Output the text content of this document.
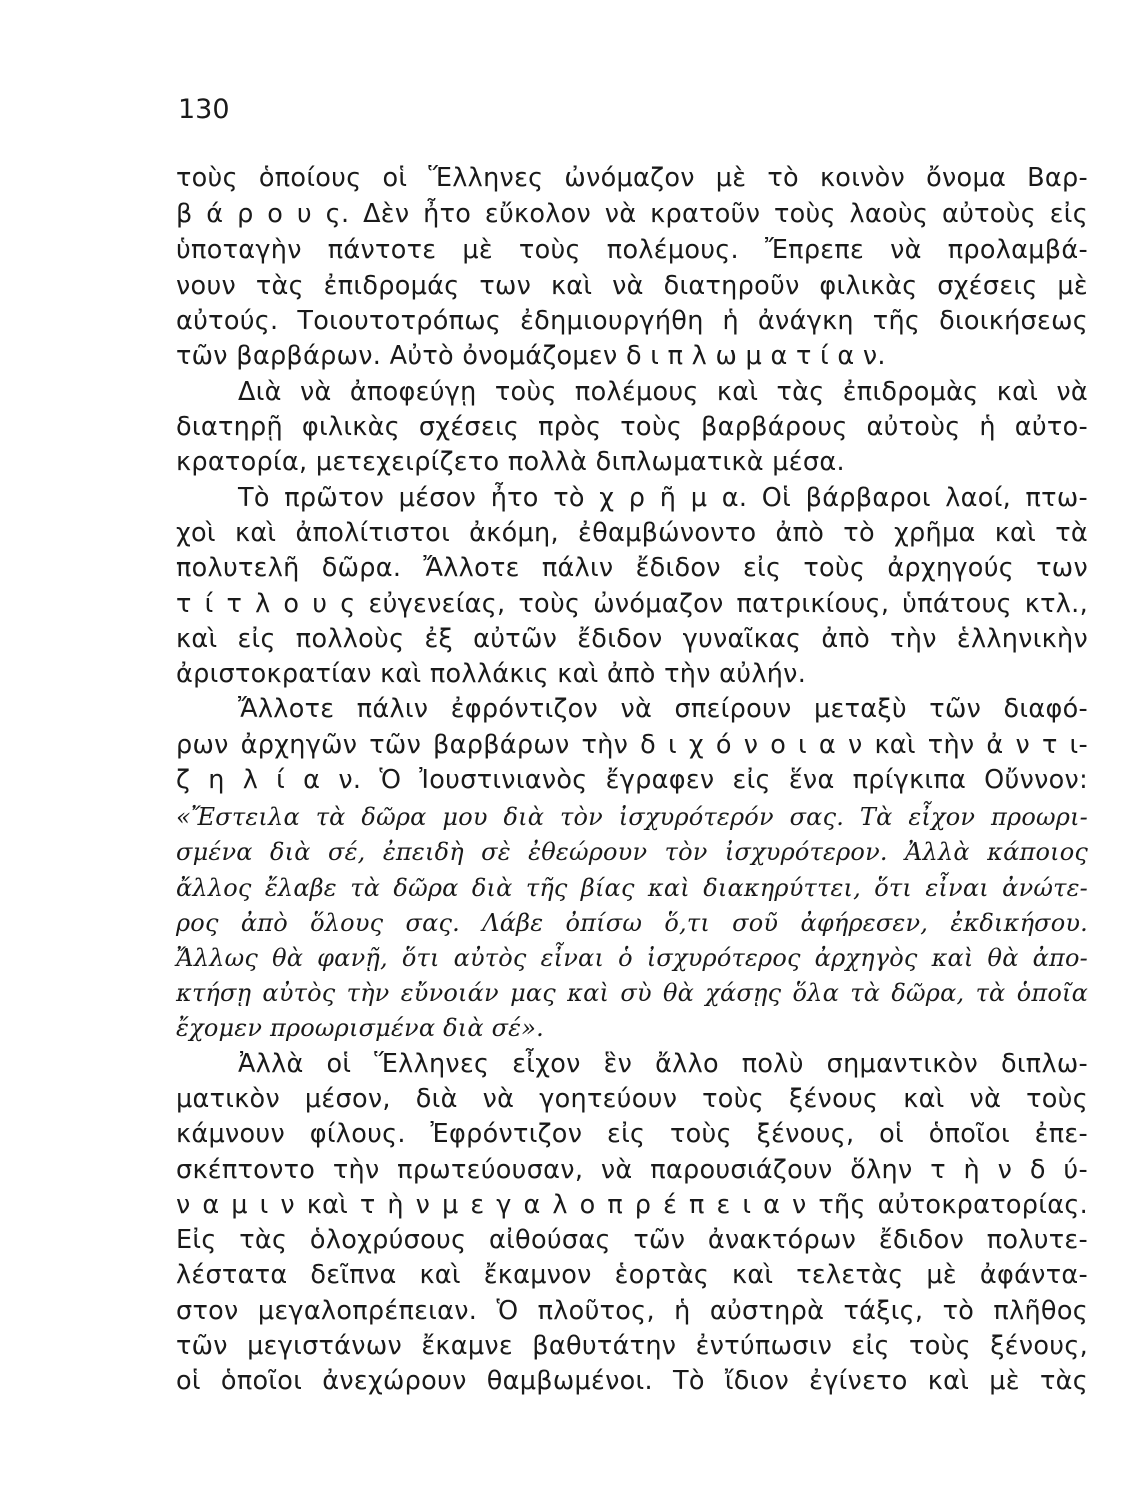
130
τοὺς ὁποίους οἱ Ἕλληνες ὠνόμαζον μὲ τὸ κοινὸν ὄνομα Βαρ-
β ά ρ ο υ ς. Δὲν ἦτο εὔκολον νὰ κρατοῦν τοὺς λαοὺς αὐτοὺς εἰς
ὑποταγὴν πάντοτε μὲ τοὺς πολέμους. Ἔπρεπε νὰ προλαμβά-
νουν τὰς ἐπιδρομάς των καὶ νὰ διατηροῦν φιλικὰς σχέσεις μὲ
αὐτούς. Τοιουτοτρόπως ἐδημιουργήθη ἡ ἀνάγκη τῆς διοικήσεως
τῶν βαρβάρων. Αὐτὸ ὀνομάζομεν δ ι π λ ω μ α τ ί α ν.
Διὰ νὰ ἀποφεύγῃ τοὺς πολέμους καὶ τὰς ἐπιδρομὰς καὶ νὰ
διατηρῇ φιλικὰς σχέσεις πρὸς τοὺς βαρβάρους αὐτοὺς ἡ αὐτο-
κρατορία, μετεχειρίζετο πολλὰ διπλωματικὰ μέσα.
Τὸ πρῶτον μέσον ἦτο τὸ χ ρ ῆ μ α. Οἱ βάρβαροι λαοί, πτω-
χοὶ καὶ ἀπολίτιστοι ἀκόμη, ἐθαμβώνοντο ἀπὸ τὸ χρῆμα καὶ τὰ
πολυτελῆ δῶρα. Ἄλλοτε πάλιν ἔδιδον εἰς τοὺς ἀρχηγούς των
τ ί τ λ ο υ ς εὐγενείας, τοὺς ὠνόμαζον πατρικίους, ὑπάτους κτλ.,
καὶ εἰς πολλοὺς ἐξ αὐτῶν ἔδιδον γυναῖκας ἀπὸ τὴν ἑλληνικὴν
ἀριστοκρατίαν καὶ πολλάκις καὶ ἀπὸ τὴν αὐλήν.
Ἄλλοτε πάλιν ἐφρόντιζον νὰ σπείρουν μεταξὺ τῶν διαφό-
ρων ἀρχηγῶν τῶν βαρβάρων τὴν δ ι χ ό ν ο ι α ν καὶ τὴν ἀ ν τ ι-
ζ η λ ί α ν. Ὁ Ἰουστινιανὸς ἔγραφεν εἰς ἕνα πρίγκιπα Οὔννον:
«Ἔστειλα τὰ δῶρα μου διὰ τὸν ἰσχυρότερόν σας. Τὰ εἶχον προωρι-
σμένα διὰ σέ, ἐπειδὴ σὲ ἐθεώρουν τὸν ἰσχυρότερον. Ἀλλὰ κάποιος
ἄλλος ἔλαβε τὰ δῶρα διὰ τῆς βίας καὶ διακηρύττει, ὅτι εἶναι ἀνώτε-
ρος ἀπὸ ὅλους σας. Λάβε ὀπίσω ὅ,τι σοῦ ἀφήρεσεν, ἐκδικήσου.
Ἄλλως θὰ φανῇ, ὅτι αὐτὸς εἶναι ὁ ἰσχυρότερος ἀρχηγὸς καὶ θὰ ἀπο-
κτήσῃ αὐτὸς τὴν εὔνοιάν μας καὶ σὺ θὰ χάσῃς ὅλα τὰ δῶρα, τὰ ὁποῖα
ἔχομεν προωρισμένα διὰ σέ».
Ἀλλὰ οἱ Ἕλληνες εἶχον ἓν ἄλλο πολὺ σημαντικὸν διπλω-
ματικὸν μέσον, διὰ νὰ γοητεύουν τοὺς ξένους καὶ νὰ τοὺς
κάμνουν φίλους. Ἐφρόντιζον εἰς τοὺς ξένους, οἱ ὁποῖοι ἐπε-
σκέπτοντο τὴν πρωτεύουσαν, νὰ παρουσιάζουν ὅλην τ ὴ ν δ ύ-
ν α μ ι ν καὶ τ ὴ ν μ ε γ α λ ο π ρ έ π ε ι α ν τῆς αὐτοκρατορίας.
Εἰς τὰς ὁλοχρύσους αἰθούσας τῶν ἀνακτόρων ἔδιδον πολυτε-
λέστατα δεῖπνα καὶ ἔκαμνον ἑορτὰς καὶ τελετὰς μὲ ἀφάντα-
στον μεγαλοπρέπειαν. Ὁ πλοῦτος, ἡ αὐστηρὰ τάξις, τὸ πλῆθος
τῶν μεγιστάνων ἔκαμνε βαθυτάτην ἐντύπωσιν εἰς τοὺς ξένους,
οἱ ὁποῖοι ἀνεχώρουν θαμβωμένοι. Τὸ ἴδιον ἐγίνετο καὶ μὲ τὰς
